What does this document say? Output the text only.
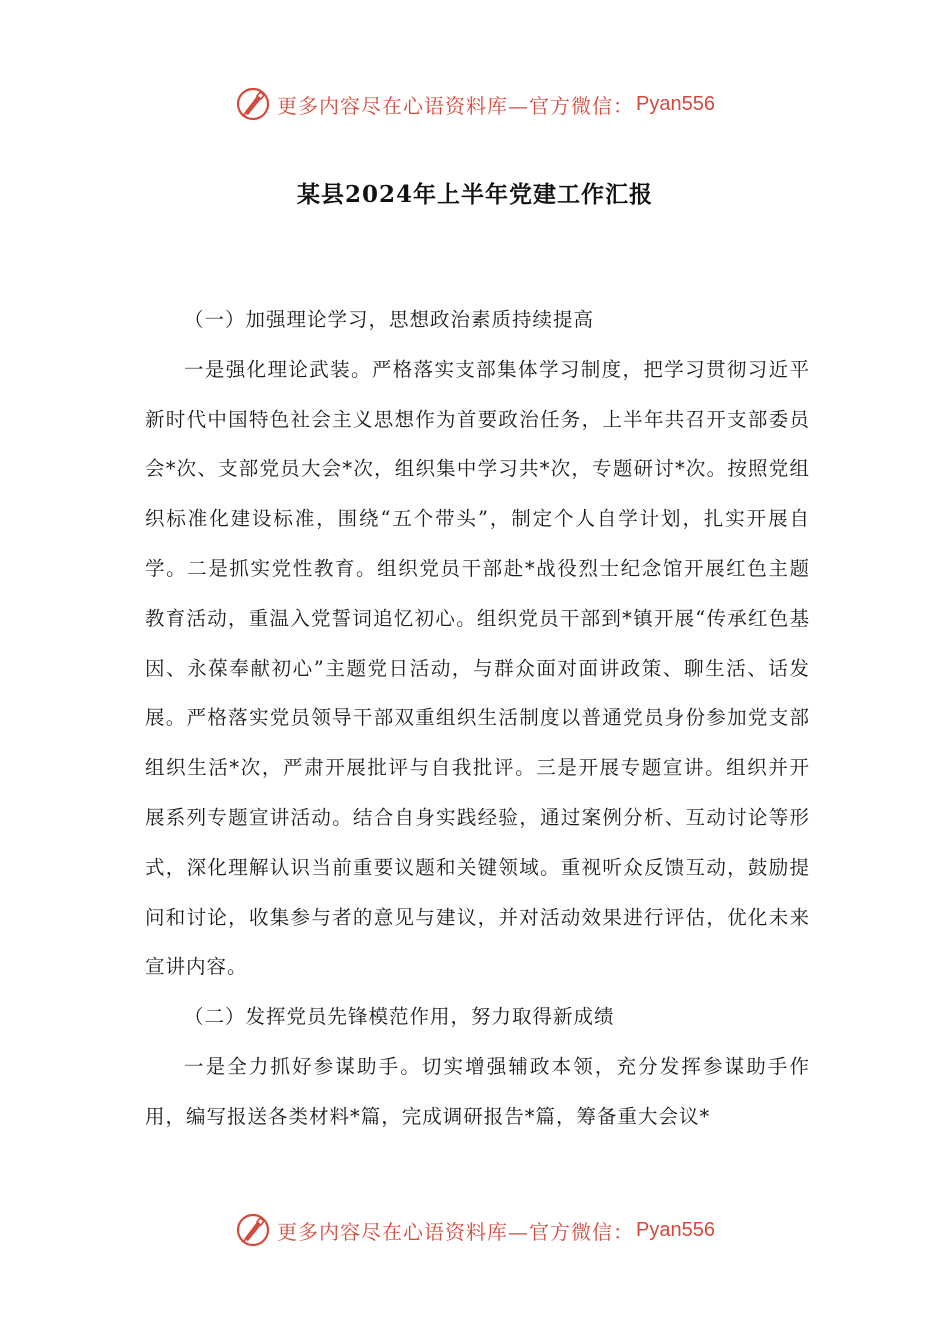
更多内容尽在心语资料库—官方微信： Pyan556
某县2024年上半年党建工作汇报

（一）加强理论学习，思想政治素质持续提高

一是强化理论武装。严格落实支部集体学习制度，把学习贯彻习近平新时代中国特色社会主义思想作为首要政治任务，上半年共召开支部委员会*次、支部党员大会*次，组织集中学习共*次，专题研讨*次。按照党组织标准化建设标准，围绕“五个带头”，制定个人自学计划，扎实开展自学。二是抓实党性教育。组织党员干部赴*战役烈士纪念馆开展红色主题教育活动，重温入党誓词追忆初心。组织党员干部到*镇开展“传承红色基因、永葆奉献初心”主题党日活动，与群众面对面讲政策、聊生活、话发展。严格落实党员领导干部双重组织生活制度以普通党员身份参加党支部组织生活*次，严肃开展批评与自我批评。三是开展专题宣讲。组织并开展系列专题宣讲活动。结合自身实践经验，通过案例分析、互动讨论等形式，深化理解认识当前重要议题和关键领域。重视听众反馈互动，鼓励提问和讨论，收集参与者的意见与建议，并对活动效果进行评估，优化未来宣讲内容。

（二）发挥党员先锋模范作用，努力取得新成绩

一是全力抓好参谋助手。切实增强辅政本领，充分发挥参谋助手作用，编写报送各类材料*篇，完成调研报告*篇，筹备重大会议*

更多内容尽在心语资料库—官方微信： Pyan556
